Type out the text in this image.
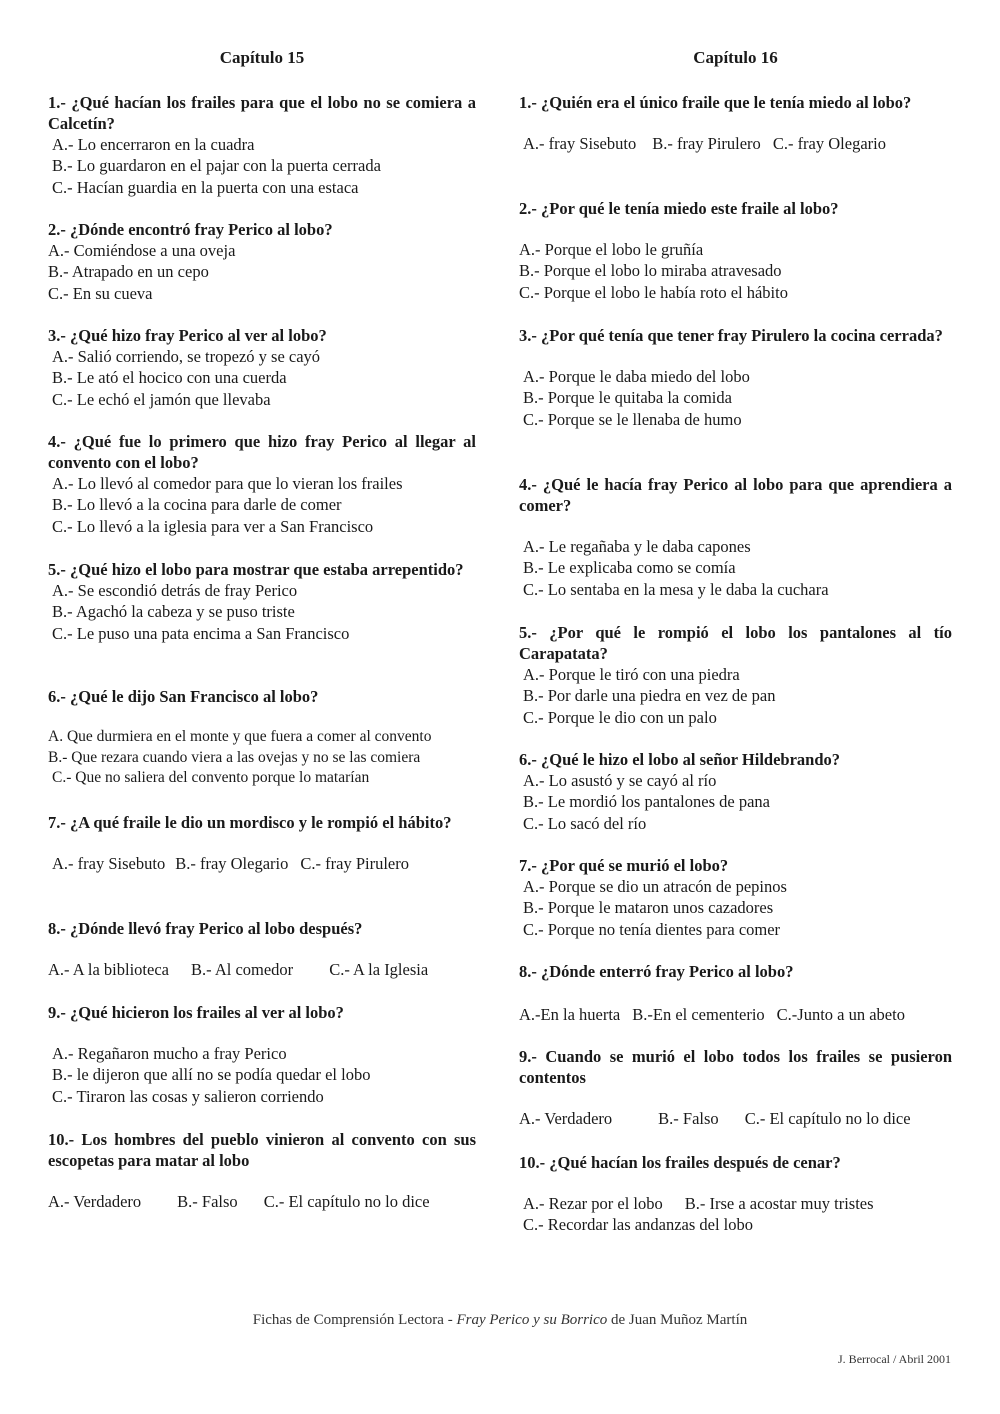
Capítulo 15

1.- ¿Qué hacían los frailes para que el lobo no se comiera a Calcetín?

A.- Lo encerraron en la cuadra
B.- Lo guardaron en el pajar con la puerta cerrada
C.- Hacían guardia en la puerta con una estaca

2.- ¿Dónde encontró fray Perico al lobo?

A.- Comiéndose a una oveja
B.- Atrapado en un cepo
C.- En su cueva

3.- ¿Qué hizo fray Perico al ver al lobo?

A.- Salió corriendo, se tropezó y se cayó
B.- Le ató el hocico con una cuerda
C.- Le echó el jamón que llevaba

4.- ¿Qué fue lo primero que hizo fray Perico al llegar al convento con el lobo?

A.- Lo llevó al comedor para que lo vieran los frailes
B.- Lo llevó a la cocina para darle de comer
C.- Lo llevó a la iglesia para ver a San Francisco

5.- ¿Qué hizo el lobo para mostrar que estaba arrepentido?

A.- Se escondió detrás de fray Perico
B.- Agachó la cabeza y se puso triste
C.- Le puso una pata encima a San Francisco

6.- ¿Qué le dijo San Francisco al lobo?

A. Que durmiera en el monte y que fuera a comer al convento
B.- Que rezara cuando viera a las ovejas y no se las comiera
C.- Que no saliera del convento porque lo matarían

7.- ¿A qué fraile le dio un mordisco y le rompió el hábito?

A.- fray Sisebuto B.- fray Olegario C.- fray Pirulero

8.- ¿Dónde llevó fray Perico al lobo después?

A.- A la biblioteca	B.- Al comedor	C.- A la Iglesia

9.- ¿Qué hicieron los frailes al ver al lobo?

A.- Regañaron mucho a fray Perico
B.- le dijeron que allí no se podía quedar el lobo
C.- Tiraron las cosas y salieron corriendo

10.- Los hombres del pueblo vinieron al convento con sus escopetas para matar al lobo

A.- Verdadero	B.- Falso	C.- El capítulo no lo dice
Capítulo 16

1.- ¿Quién era el único fraile que le tenía miedo al lobo?

A.- fray Sisebuto B.- fray Pirulero C.- fray Olegario

2.- ¿Por qué le tenía miedo este fraile al lobo?

A.- Porque el lobo le gruñía
B.- Porque el lobo lo miraba atravesado
C.- Porque el lobo le había roto el hábito

3.- ¿Por qué tenía que tener fray Pirulero la cocina cerrada?

A.- Porque le daba miedo del lobo
B.- Porque le quitaba la comida
C.- Porque se le llenaba de humo

4.- ¿Qué le hacía fray Perico al lobo para que aprendiera a comer?

A.- Le regañaba y le daba capones
B.- Le explicaba como se comía
C.- Lo sentaba en la mesa y le daba la cuchara

5.- ¿Por qué le rompió el lobo los pantalones al tío Carapatata?

A.- Porque le tiró con una piedra
B.- Por darle una piedra en vez de pan
C.- Porque le dio con un palo

6.- ¿Qué le hizo el lobo al señor Hildebrando?

A.- Lo asustó y se cayó al río
B.- Le mordió los pantalones de pana
C.- Lo sacó del río

7.- ¿Por qué se murió el lobo?

A.- Porque se dio un atracón de pepinos
B.- Porque le mataron unos cazadores
C.- Porque no tenía dientes para comer

8.- ¿Dónde enterró fray Perico al lobo?

A.-En la huerta B.-En el cementerio C.-Junto a un abeto

9.- Cuando se murió el lobo todos los frailes se pusieron contentos

A.- Verdadero	B.- Falso	C.- El capítulo no lo dice

10.- ¿Qué hacían los frailes después de cenar?

A.- Rezar por el lobo	B.- Irse a acostar muy tristes
C.- Recordar las andanzas del lobo
Fichas de Comprensión Lectora - Fray Perico y su Borrico de Juan Muñoz Martín
J. Berrocal / Abril 2001
